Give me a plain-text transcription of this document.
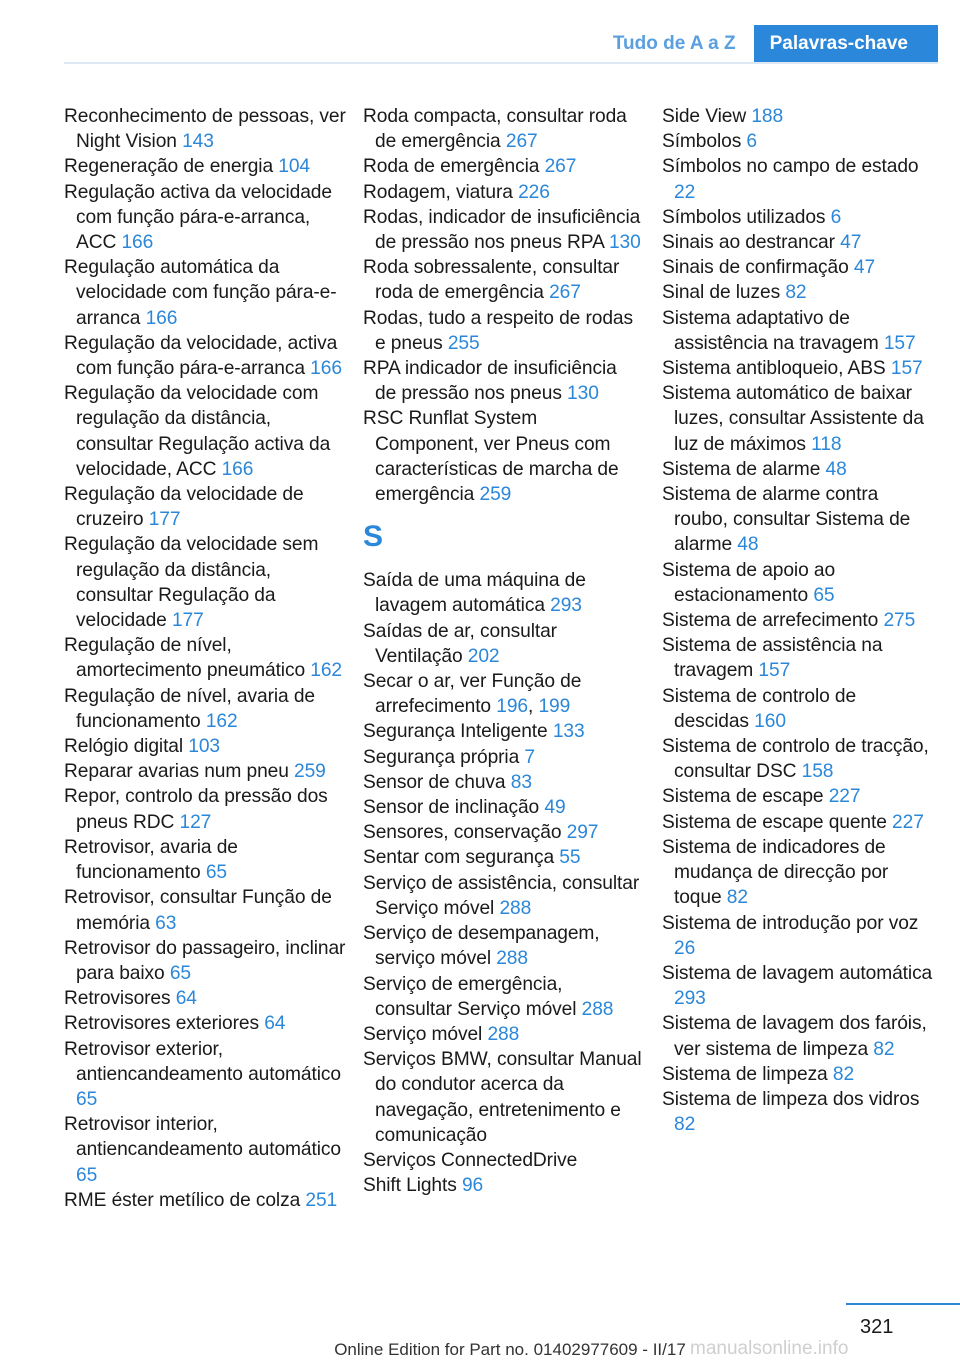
Tudo de A a Z	Palavras-chave

Reconhecimento de pessoas, ver Night Vision 143

Regeneração de energia 104

Regulação activa da velocidade com função pára-e-arranca, ACC 166

Regulação automática da velocidade com função pára-e-arranca 166

Regulação da velocidade, activa com função pára-e-arranca 166

Regulação da velocidade com regulação da distância, consultar Regulação activa da velocidade, ACC 166

Regulação da velocidade de cruzeiro 177

Regulação da velocidade sem regulação da distância, consultar Regulação da velocidade 177

Regulação de nível, amortecimento pneumático 162

Regulação de nível, avaria de funcionamento 162

Relógio digital 103

Reparar avarias num pneu 259

Repor, controlo da pressão dos pneus RDC 127

Retrovisor, avaria de funcionamento 65

Retrovisor, consultar Função de memória 63

Retrovisor do passageiro, inclinar para baixo 65

Retrovisores 64

Retrovisores exteriores 64

Retrovisor exterior, antiencandeamento automático 65

Retrovisor interior, antiencandeamento automático 65

RME éster metílico de colza 251

Roda compacta, consultar roda de emergência 267

Roda de emergência 267

Rodagem, viatura 226

Rodas, indicador de insuficiência de pressão nos pneus RPA 130

Roda sobressalente, consultar roda de emergência 267

Rodas, tudo a respeito de rodas e pneus 255

RPA indicador de insuficiência de pressão nos pneus 130

RSC Runflat System Component, ver Pneus com características de marcha de emergência 259

S

Saída de uma máquina de lavagem automática 293

Saídas de ar, consultar Ventilação 202

Secar o ar, ver Função de arrefecimento 196, 199

Segurança Inteligente 133

Segurança própria 7

Sensor de chuva 83

Sensor de inclinação 49

Sensores, conservação 297

Sentar com segurança 55

Serviço de assistência, consultar Serviço móvel 288

Serviço de desempanagem, serviço móvel 288

Serviço de emergência, consultar Serviço móvel 288

Serviço móvel 288

Serviços BMW, consultar Manual do condutor acerca da navegação, entretenimento e comunicação

Serviços ConnectedDrive

Shift Lights 96

Side View 188

Símbolos 6

Símbolos no campo de estado 22

Símbolos utilizados 6

Sinais ao destrancar 47

Sinais de confirmação 47

Sinal de luzes 82

Sistema adaptativo de assistência na travagem 157

Sistema antibloqueio, ABS 157

Sistema automático de baixar luzes, consultar Assistente da luz de máximos 118

Sistema de alarme 48

Sistema de alarme contra roubo, consultar Sistema de alarme 48

Sistema de apoio ao estacionamento 65

Sistema de arrefecimento 275

Sistema de assistência na travagem 157

Sistema de controlo de descidas 160

Sistema de controlo de tracção, consultar DSC 158

Sistema de escape 227

Sistema de escape quente 227

Sistema de indicadores de mudança de direcção por toque 82

Sistema de introdução por voz 26

Sistema de lavagem automática 293

Sistema de lavagem dos faróis, ver sistema de limpeza 82

Sistema de limpeza 82

Sistema de limpeza dos vidros 82

321
Online Edition for Part no. 01402977609 - II/17 manualsonline.info
